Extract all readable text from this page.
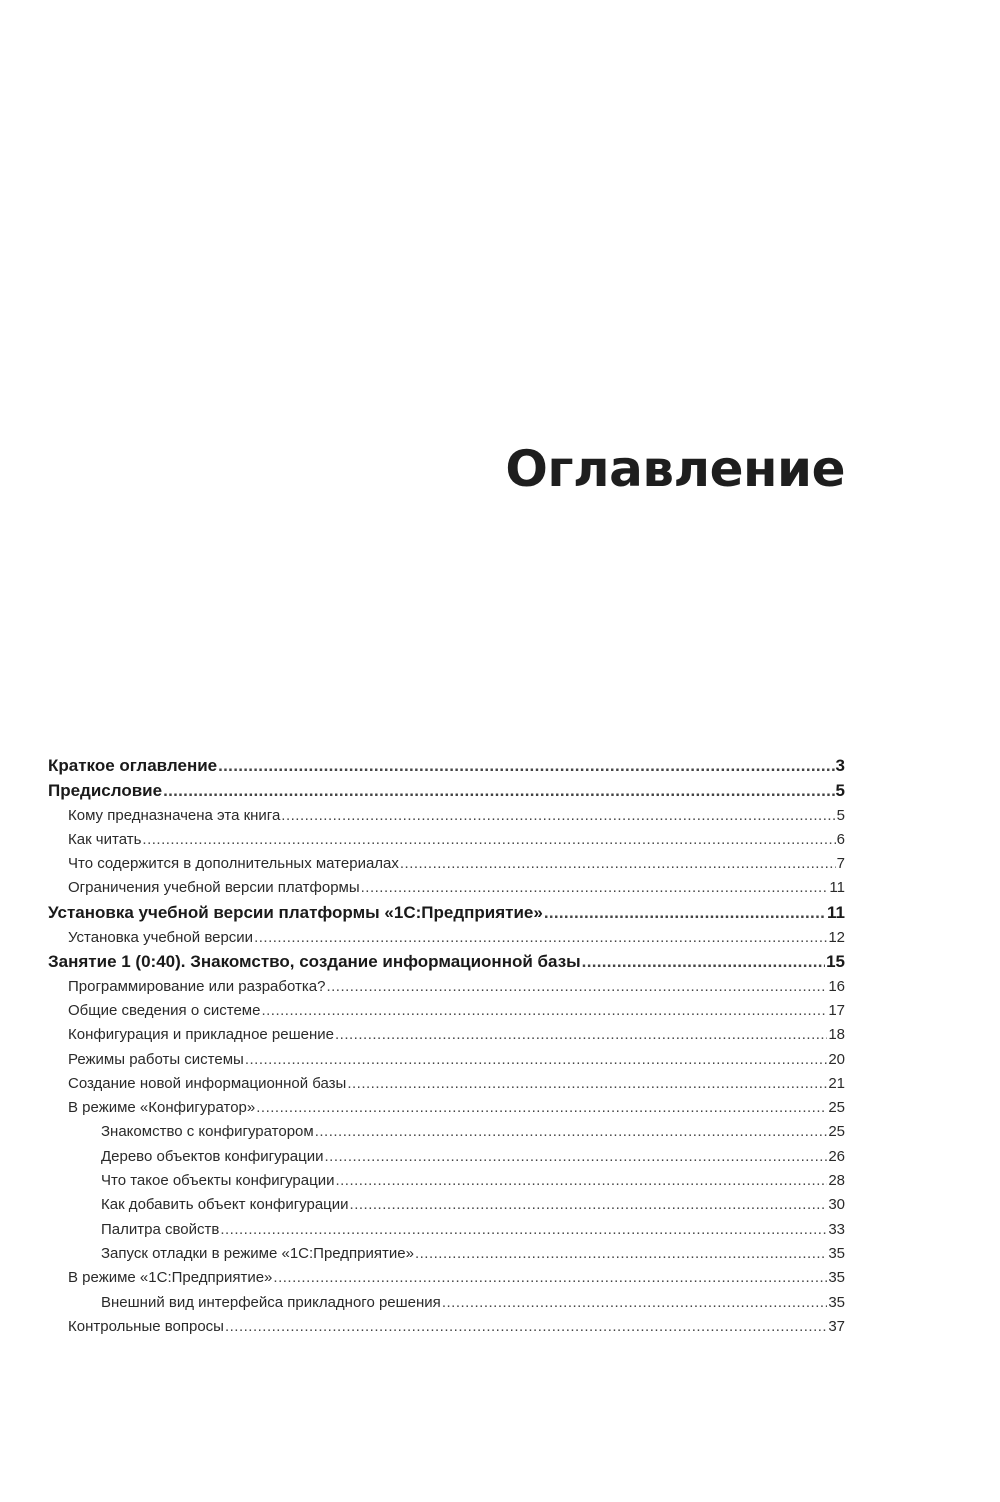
Оглавление
Краткое оглавление .....	3
Предисловие .....	5
Кому предназначена эта книга .....	5
Как читать .....	6
Что содержится в дополнительных материалах .....	7
Ограничения учебной версии платформы .....	11
Установка учебной версии платформы «1С:Предприятие» .....	11
Установка учебной версии .....	12
Занятие 1 (0:40). Знакомство, создание информационной базы .....	15
Программирование или разработка? .....	16
Общие сведения о системе .....	17
Конфигурация и прикладное решение .....	18
Режимы работы системы .....	20
Создание новой информационной базы .....	21
В режиме «Конфигуратор» .....	25
Знакомство с конфигуратором .....	25
Дерево объектов конфигурации .....	26
Что такое объекты конфигурации .....	28
Как добавить объект конфигурации .....	30
Палитра свойств .....	33
Запуск отладки в режиме «1С:Предприятие» .....	35
В режиме «1С:Предприятие» .....	35
Внешний вид интерфейса прикладного решения .....	35
Контрольные вопросы .....	37
